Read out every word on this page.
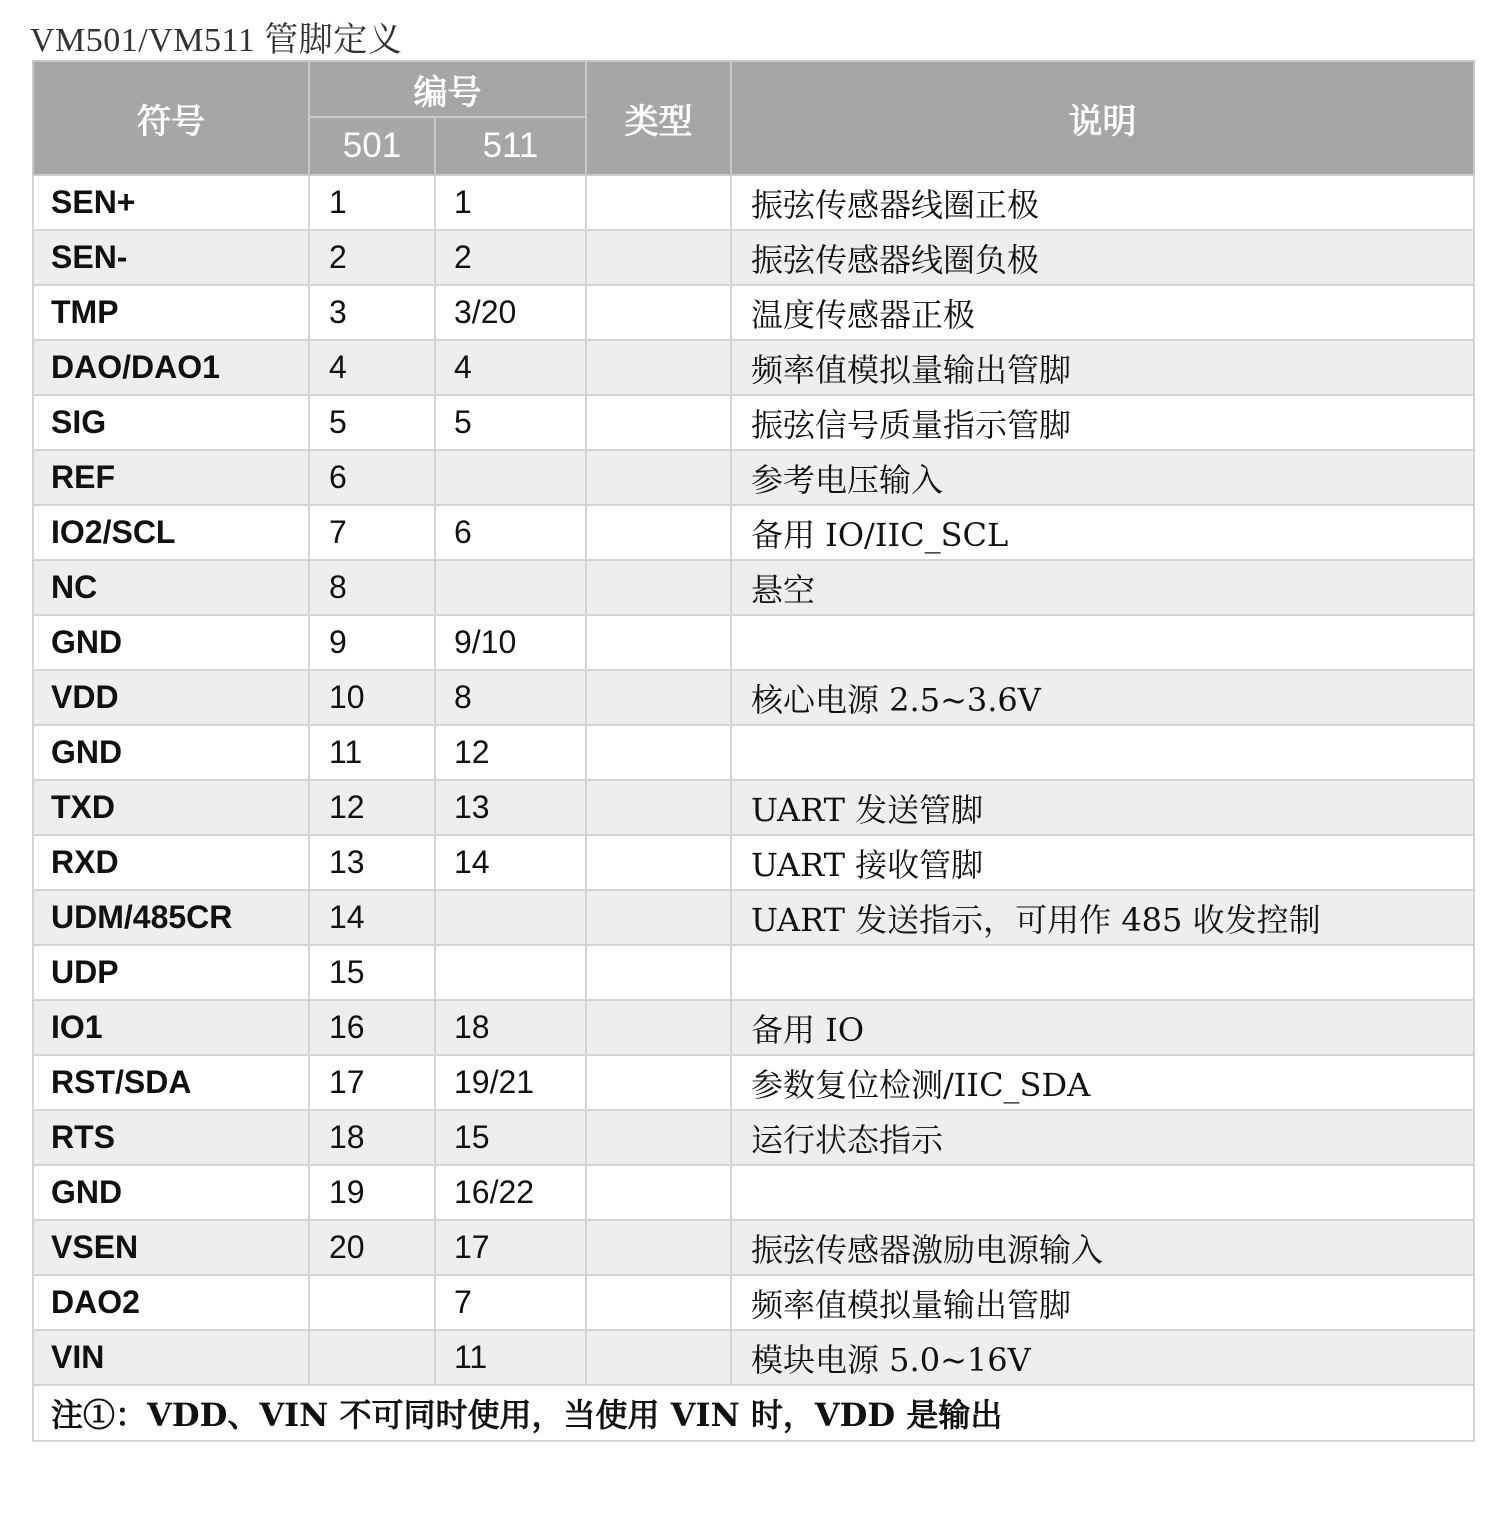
VM501/VM511 管脚定义
符号	编号		类型	说明
	501	511		
SEN+	1	1		振弦传感器线圈正极
SEN-	2	2		振弦传感器线圈负极
TMP	3	3/20		温度传感器正极
DAO/DAO1	4	4		频率值模拟量输出管脚
SIG	5	5		振弦信号质量指示管脚
REF	6			参考电压输入
IO2/SCL	7	6		备用 IO/IIC_SCL
NC	8			悬空
GND	9	9/10		
VDD	10	8		核心电源 2.5~3.6V
GND	11	12		
TXD	12	13		UART 发送管脚
RXD	13	14		UART 接收管脚
UDM/485CR	14			UART 发送指示，可用作 485 收发控制
UDP	15			
IO1	16	18		备用 IO
RST/SDA	17	19/21		参数复位检测/IIC_SDA
RTS	18	15		运行状态指示
GND	19	16/22		
VSEN	20	17		振弦传感器激励电源输入
DAO2		7		频率值模拟量输出管脚
VIN		11		模块电源 5.0~16V
注①：VDD、VIN 不可同时使用，当使用 VIN 时，VDD 是输出				
